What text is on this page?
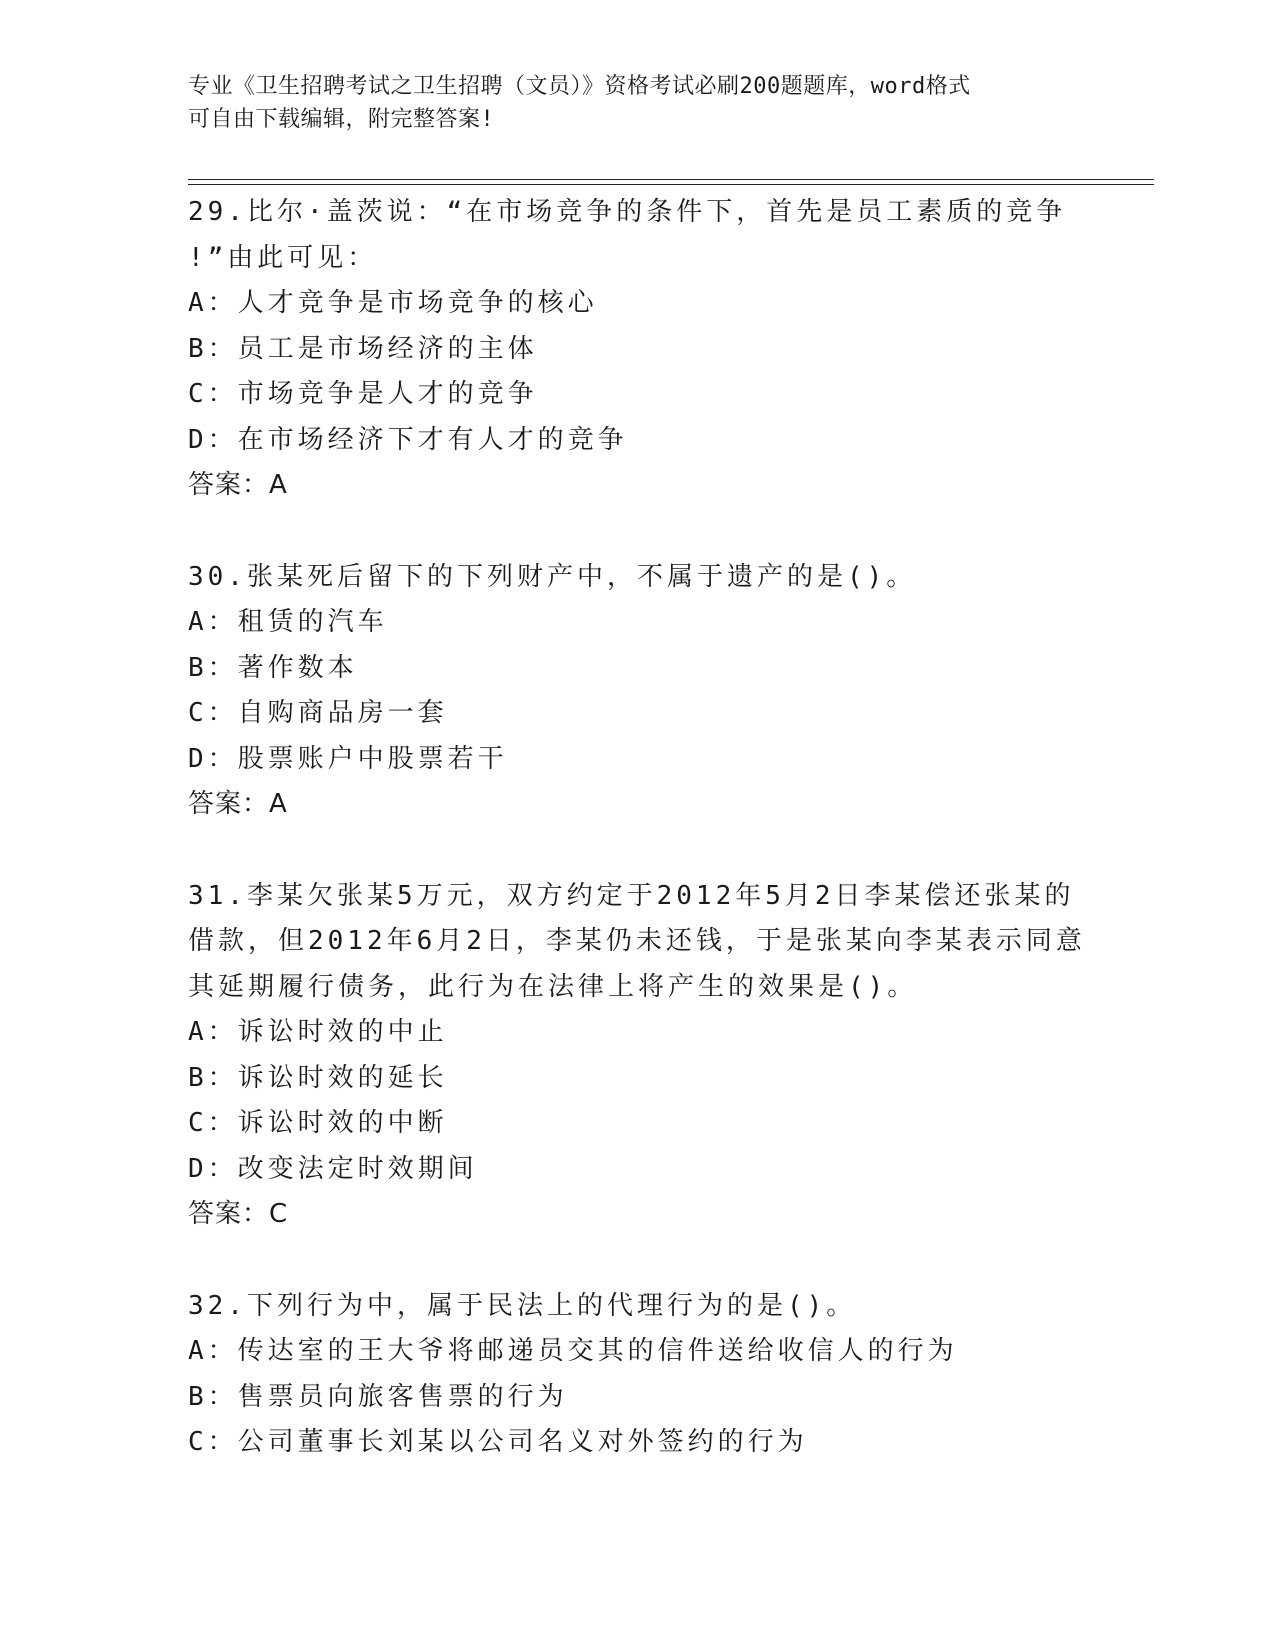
专业《卫生招聘考试之卫生招聘（文员）》资格考试必刷200题题库，word格式
可自由下载编辑，附完整答案!

29.比尔·盖茨说：“在市场竞争的条件下，首先是员工素质的竞争

!”由此可见：

A：人才竞争是市场竞争的核心

B：员工是市场经济的主体

C：市场竞争是人才的竞争

D：在市场经济下才有人才的竞争

答案：A

30.张某死后留下的下列财产中，不属于遗产的是()。

A：租赁的汽车

B：著作数本

C：自购商品房一套

D：股票账户中股票若干

答案：A

31.李某欠张某5万元，双方约定于2012年5月2日李某偿还张某的

借款，但2012年6月2日，李某仍未还钱，于是张某向李某表示同意

其延期履行债务，此行为在法律上将产生的效果是()。

A：诉讼时效的中止

B：诉讼时效的延长

C：诉讼时效的中断

D：改变法定时效期间

答案：C

32.下列行为中，属于民法上的代理行为的是()。

A：传达室的王大爷将邮递员交其的信件送给收信人的行为

B：售票员向旅客售票的行为

C：公司董事长刘某以公司名义对外签约的行为
